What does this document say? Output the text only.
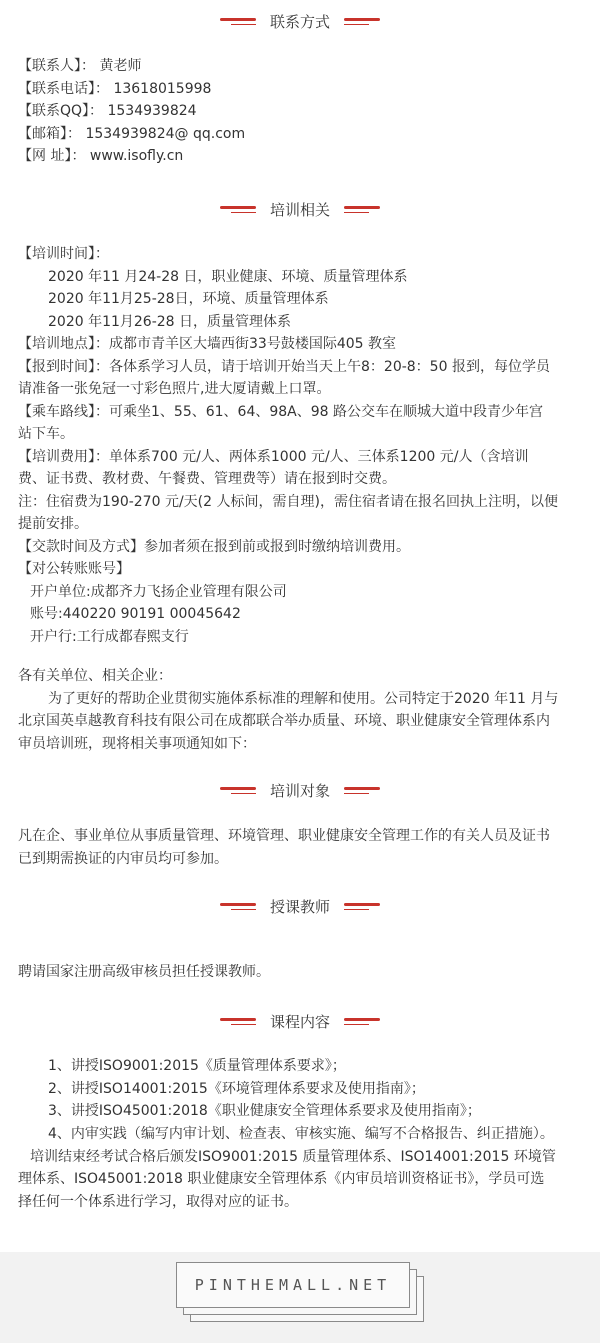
联系方式
【联系人】： 黄老师
【联系电话】： 13618015998
【联系QQ】： 1534939824
【邮箱】： 1534939824@ qq.com
【网 址】： www.isofly.cn
培训相关
【培训时间】：
2020 年11 月24-28 日，职业健康、环境、质量管理体系
2020 年11月25-28日，环境、质量管理体系
2020 年11月26-28 日，质量管理体系
【培训地点】：成都市青羊区大墙西街33号鼓楼国际405 教室
【报到时间】：各体系学习人员，请于培训开始当天上午8：20-8：50 报到，每位学员
请准备一张免冠一寸彩色照片,进大厦请戴上口罩。
【乘车路线】：可乘坐1、55、61、64、98A、98 路公交车在顺城大道中段青少年宫
站下车。
【培训费用】：单体系700 元/人、两体系1000 元/人、三体系1200 元/人（含培训
费、证书费、教材费、午餐费、管理费等）请在报到时交费。
注：住宿费为190-270 元/天(2 人标间，需自理)，需住宿者请在报名回执上注明，以便
提前安排。
【交款时间及方式】参加者须在报到前或报到时缴纳培训费用。
【对公转账账号】
开户单位:成都齐力飞扬企业管理有限公司
账号:440220 90191 00045642
开户行:工行成都春熙支行
各有关单位、相关企业：
为了更好的帮助企业贯彻实施体系标准的理解和使用。公司特定于2020 年11 月与
北京国英卓越教育科技有限公司在成都联合举办质量、环境、职业健康安全管理体系内
审员培训班，现将相关事项通知如下：
培训对象
凡在企、事业单位从事质量管理、环境管理、职业健康安全管理工作的有关人员及证书
已到期需换证的内审员均可参加。
授课教师
聘请国家注册高级审核员担任授课教师。
课程内容
1、讲授ISO9001:2015《质量管理体系要求》；
2、讲授ISO14001:2015《环境管理体系要求及使用指南》；
3、讲授ISO45001:2018《职业健康安全管理体系要求及使用指南》；
4、内审实践（编写内审计划、检查表、审核实施、编写不合格报告、纠正措施）。
培训结束经考试合格后颁发ISO9001:2015 质量管理体系、ISO14001:2015 环境管
理体系、ISO45001:2018 职业健康安全管理体系《内审员培训资格证书》，学员可选
择任何一个体系进行学习，取得对应的证书。
PINTHEMALL.NET
